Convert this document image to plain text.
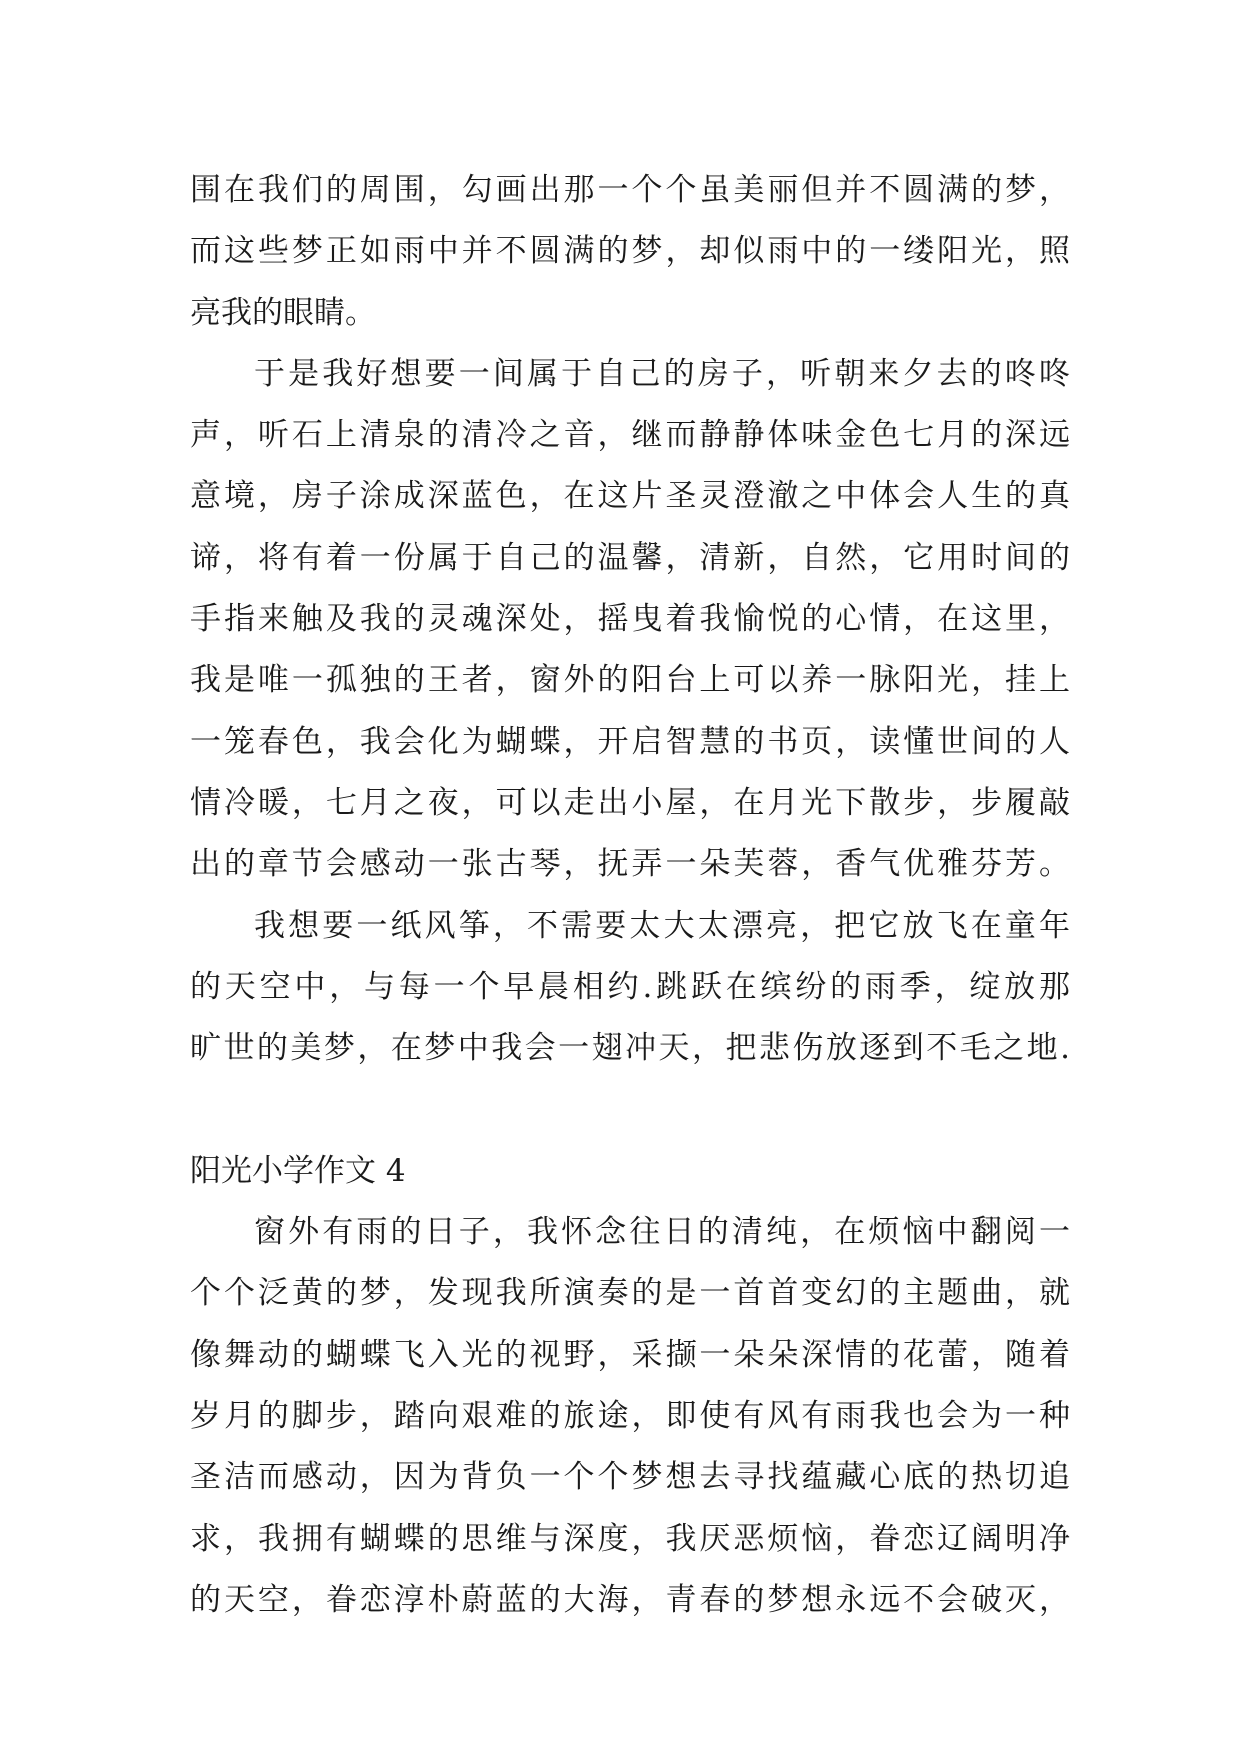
围在我们的周围，勾画出那一个个虽美丽但并不圆满的梦，
而这些梦正如雨中并不圆满的梦，却似雨中的一缕阳光，照
亮我的眼睛。
于是我好想要一间属于自己的房子，听朝来夕去的咚咚
声，听石上清泉的清冷之音，继而静静体味金色七月的深远
意境，房子涂成深蓝色，在这片圣灵澄澈之中体会人生的真
谛，将有着一份属于自己的温馨，清新，自然，它用时间的
手指来触及我的灵魂深处，摇曳着我愉悦的心情，在这里，
我是唯一孤独的王者，窗外的阳台上可以养一脉阳光，挂上
一笼春色，我会化为蝴蝶，开启智慧的书页，读懂世间的人
情冷暖，七月之夜，可以走出小屋，在月光下散步，步履敲
出的章节会感动一张古琴，抚弄一朵芙蓉，香气优雅芬芳。
我想要一纸风筝，不需要太大太漂亮，把它放飞在童年
的天空中，与每一个早晨相约.跳跃在缤纷的雨季，绽放那
旷世的美梦，在梦中我会一翅冲天，把悲伤放逐到不毛之地.
阳光小学作文 4
窗外有雨的日子，我怀念往日的清纯，在烦恼中翻阅一
个个泛黄的梦，发现我所演奏的是一首首变幻的主题曲，就
像舞动的蝴蝶飞入光的视野，采撷一朵朵深情的花蕾，随着
岁月的脚步，踏向艰难的旅途，即使有风有雨我也会为一种
圣洁而感动，因为背负一个个梦想去寻找蕴藏心底的热切追
求，我拥有蝴蝶的思维与深度，我厌恶烦恼，眷恋辽阔明净
的天空，眷恋淳朴蔚蓝的大海，青春的梦想永远不会破灭，
